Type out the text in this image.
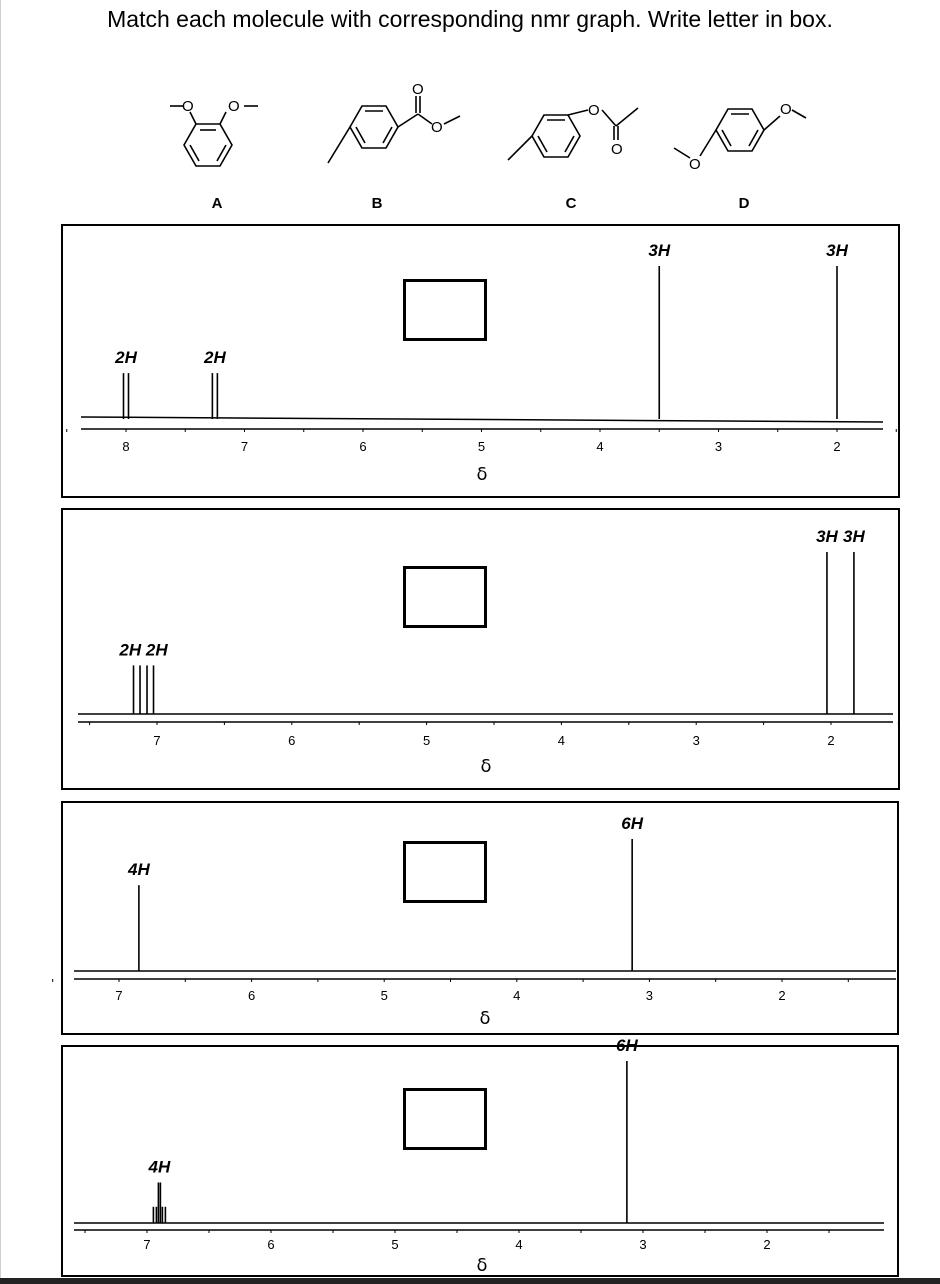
Match each molecule with corresponding nmr graph. Write letter in box.
O O
A
O
O
B
O
O
C
O
O
D
8	7	6	5	4	3	2
2H	2H
3H	3H
δ
7	6	5	4	3	2
2H 2H
3H 3H
δ
7	6	5	4	3	2
4H
6H
δ
7	6	5	4	3	2
4H
6H
δ
